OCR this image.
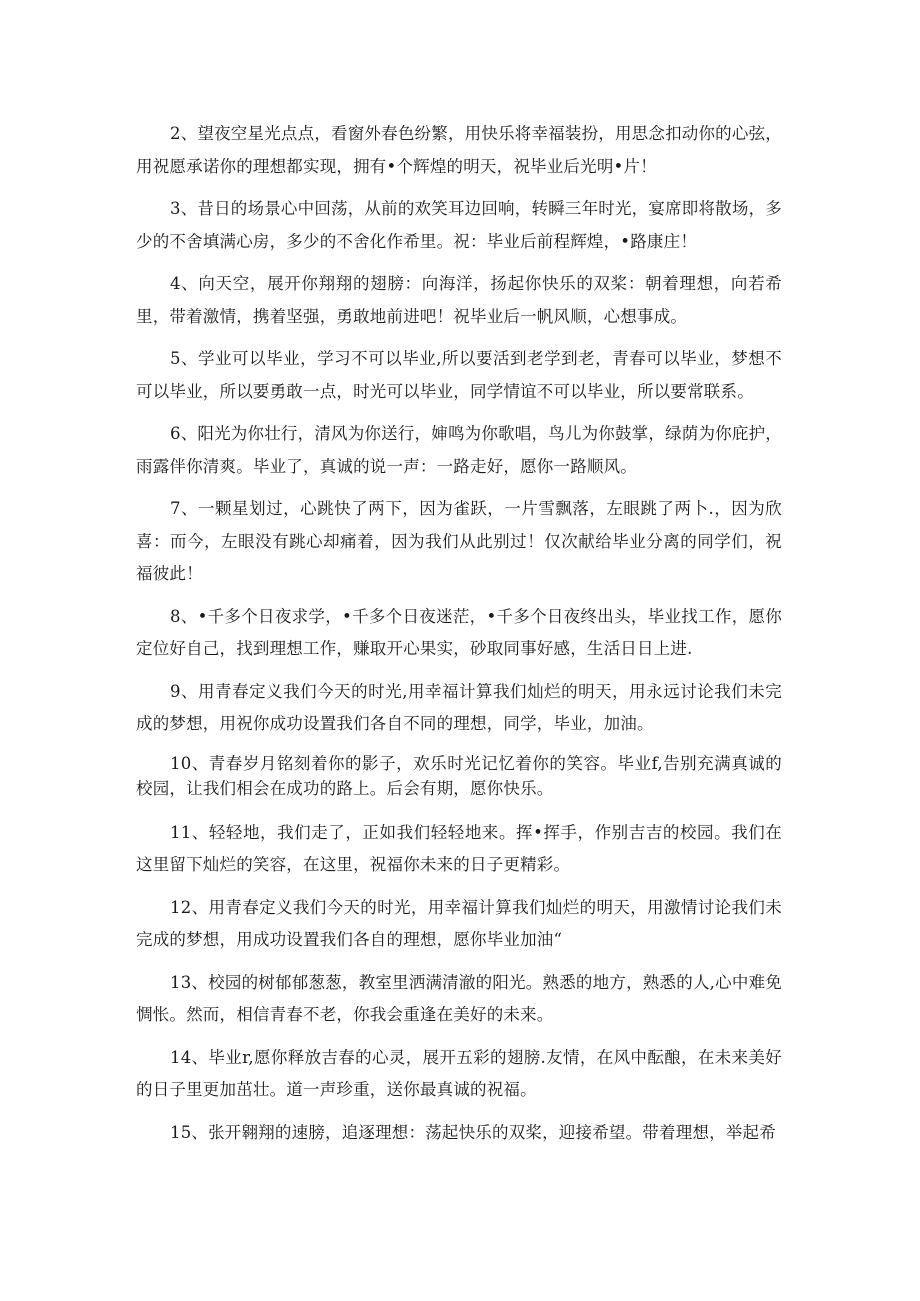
2、望夜空星光点点，看窗外春色纷繁，用快乐将幸福装扮，用思念扣动你的心弦，用祝愿承诺你的理想都实现，拥有•个辉煌的明天，祝毕业后光明•片！

3、昔日的场景心中回荡，从前的欢笑耳边回响，转瞬三年时光，宴席即将散场，多少的不舍填满心房，多少的不舍化作希里。祝：毕业后前程辉煌，•路康庄！

4、向天空，展开你翔翔的翅膀：向海洋，扬起你快乐的双桨：朝着理想，向若希里，带着激情，携着坚强，勇敢地前进吧！祝毕业后一帆风顺，心想事成。

5、学业可以毕业，学习不可以毕业,所以要活到老学到老，青春可以毕业，梦想不可以毕业，所以要勇敢一点，时光可以毕业，同学情谊不可以毕业，所以要常联系。

6、阳光为你壮行，清风为你送行，婶鸣为你歌唱，鸟儿为你鼓掌，绿荫为你庇护，雨露伴你清爽。毕业了，真诚的说一声：一路走好，愿你一路顺风。

7、一颗星划过，心跳快了两下，因为雀跃，一片雪飘落，左眼跳了两卜.，因为欣喜：而今，左眼没有跳心却痛着，因为我们从此别过！仅次献给毕业分离的同学们，祝福彼此！

8、•千多个日夜求学，•千多个日夜迷茫，•千多个日夜终出头，毕业找工作，愿你定位好自己，找到理想工作，赚取开心果实，砂取同事好感，生活日日上进.

9、用青春定义我们今天的时光,用幸福计算我们灿烂的明天，用永远讨论我们未完成的梦想，用祝你成功设置我们各自不同的理想，同学，毕业，加油。

10、青春岁月铭刻着你的影子，欢乐时光记忆着你的笑容。毕业f,告别充满真诚的校园，让我们相会在成功的路上。后会有期，愿你快乐。

11、轻轻地，我们走了，正如我们轻轻地来。挥•挥手，作别吉吉的校园。我们在这里留下灿烂的笑容，在这里，祝福你未来的日子更精彩。

12、用青春定义我们今天的时光，用幸福计算我们灿烂的明天，用激情讨论我们未完成的梦想，用成功设置我们各自的理想，愿你毕业加油“

13、校园的树郁郁葱葱，教室里洒满清澈的阳光。熟悉的地方，熟悉的人,心中难免惆怅。然而，相信青春不老，你我会重逢在美好的未来。

14、毕业r,愿你释放吉春的心灵，展开五彩的翅膀.友情，在风中酝酿，在未来美好的日子里更加茁壮。道一声珍重，送你最真诚的祝福。

15、张开翱翔的速膀，追逐理想：荡起快乐的双桨，迎接希望。带着理想，举起希
